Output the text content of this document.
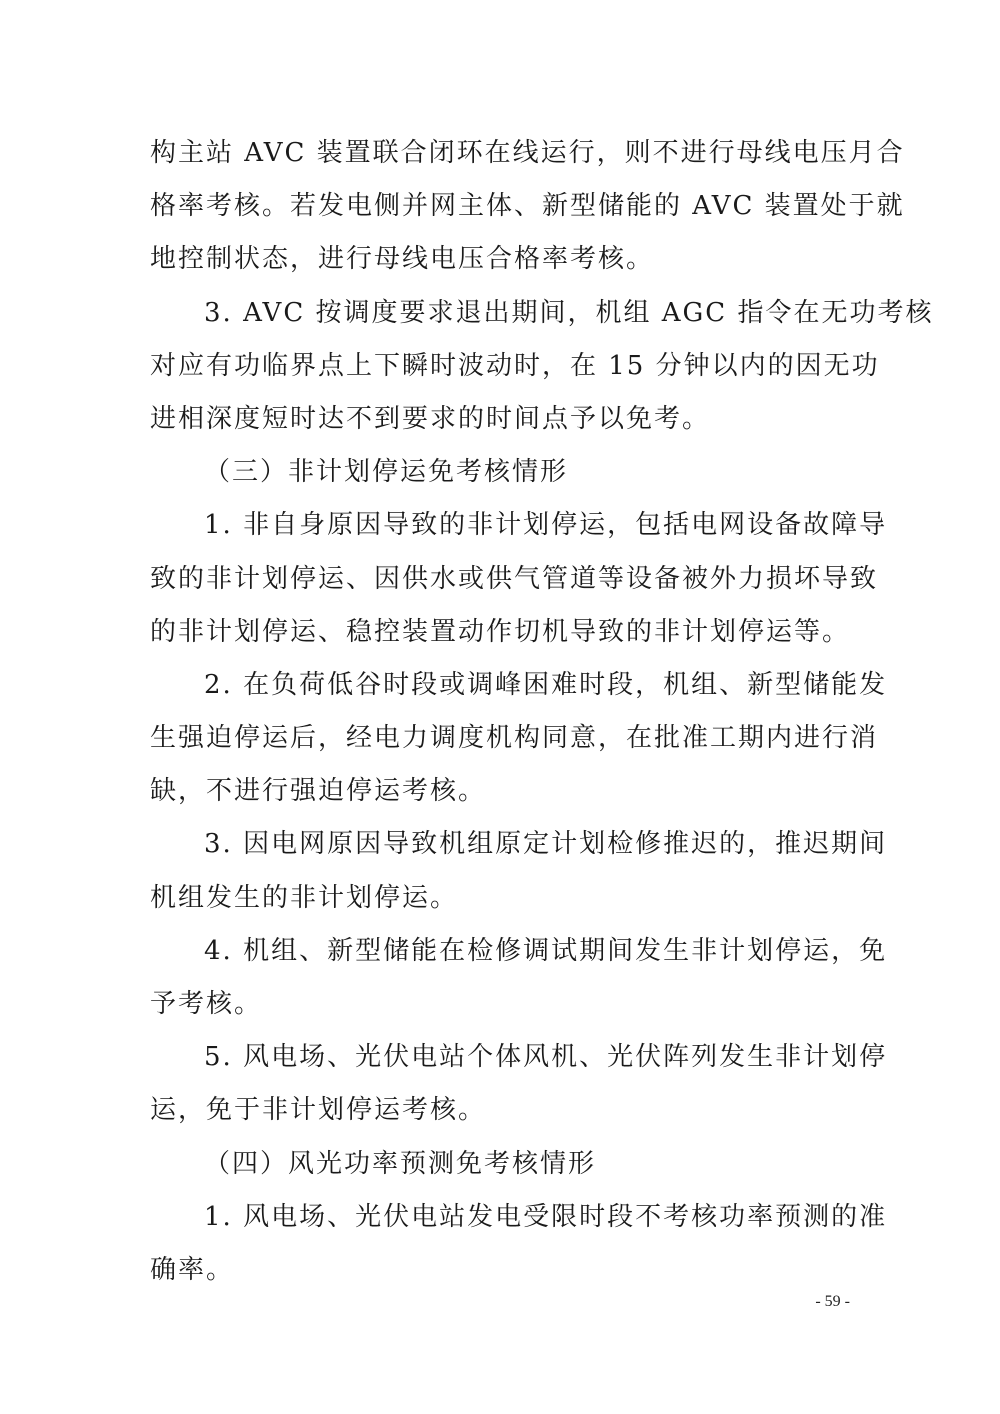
构主站 AVC 装置联合闭环在线运行，则不进行母线电压月合
格率考核。若发电侧并网主体、新型储能的 AVC 装置处于就
地控制状态，进行母线电压合格率考核。
3. AVC 按调度要求退出期间，机组 AGC 指令在无功考核
对应有功临界点上下瞬时波动时，在 15 分钟以内的因无功
进相深度短时达不到要求的时间点予以免考。
（三）非计划停运免考核情形
1. 非自身原因导致的非计划停运，包括电网设备故障导
致的非计划停运、因供水或供气管道等设备被外力损坏导致
的非计划停运、稳控装置动作切机导致的非计划停运等。
2. 在负荷低谷时段或调峰困难时段，机组、新型储能发
生强迫停运后，经电力调度机构同意，在批准工期内进行消
缺，不进行强迫停运考核。
3. 因电网原因导致机组原定计划检修推迟的，推迟期间
机组发生的非计划停运。
4. 机组、新型储能在检修调试期间发生非计划停运，免
予考核。
5. 风电场、光伏电站个体风机、光伏阵列发生非计划停
运，免于非计划停运考核。
（四）风光功率预测免考核情形
1. 风电场、光伏电站发电受限时段不考核功率预测的准
确率。
- 59 -
